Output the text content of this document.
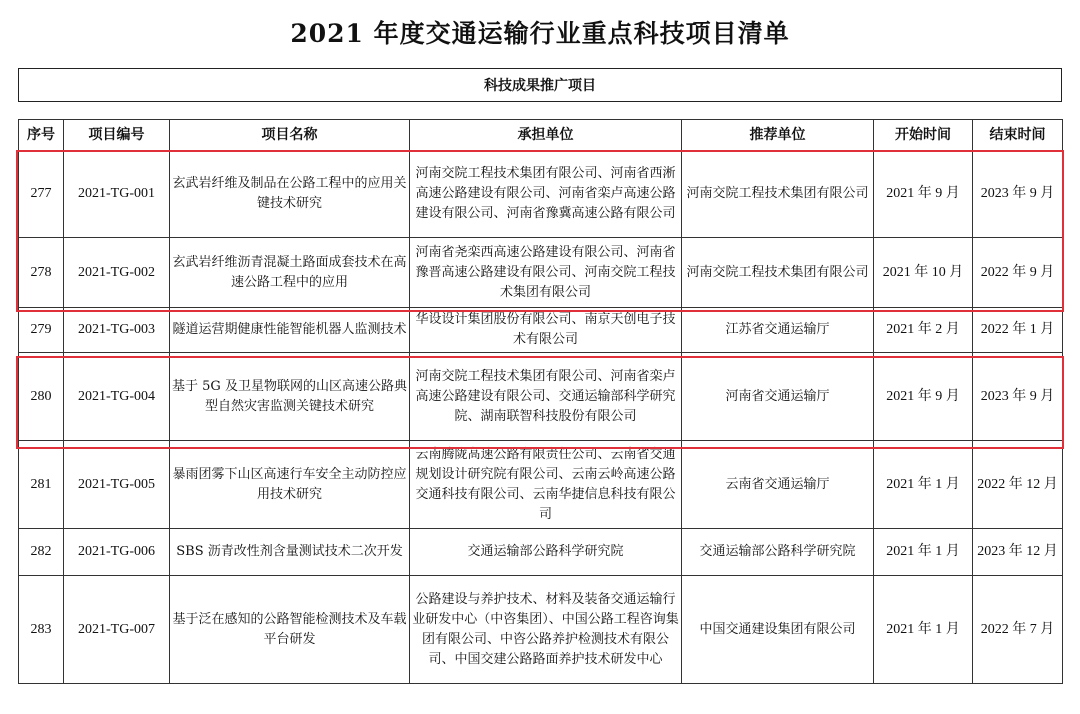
2021 年度交通运输行业重点科技项目清单
科技成果推广项目
序号	项目编号	项目名称	承担单位	推荐单位	开始时间	结束时间
277	2021-TG-001	玄武岩纤维及制品在公路工程中的应用关键技术研究	河南交院工程技术集团有限公司、河南省西淅高速公路建设有限公司、河南省栾卢高速公路建设有限公司、河南省豫冀高速公路有限公司	河南交院工程技术集团有限公司	2021 年 9 月	2023 年 9 月
278	2021-TG-002	玄武岩纤维沥青混凝土路面成套技术在高速公路工程中的应用	河南省尧栾西高速公路建设有限公司、河南省豫晋高速公路建设有限公司、河南交院工程技术集团有限公司	河南交院工程技术集团有限公司	2021 年 10 月	2022 年 9 月
279	2021-TG-003	隧道运营期健康性能智能机器人监测技术	华设设计集团股份有限公司、南京天创电子技术有限公司	江苏省交通运输厅	2021 年 2 月	2022 年 1 月
280	2021-TG-004	基于 5G 及卫星物联网的山区高速公路典型自然灾害监测关键技术研究	河南交院工程技术集团有限公司、河南省栾卢高速公路建设有限公司、交通运输部科学研究院、湖南联智科技股份有限公司	河南省交通运输厅	2021 年 9 月	2023 年 9 月
281	2021-TG-005	暴雨团雾下山区高速行车安全主动防控应用技术研究	云南腾陇高速公路有限责任公司、云南省交通规划设计研究院有限公司、云南云岭高速公路交通科技有限公司、云南华捷信息科技有限公司	云南省交通运输厅	2021 年 1 月	2022 年 12 月
282	2021-TG-006	SBS 沥青改性剂含量测试技术二次开发	交通运输部公路科学研究院	交通运输部公路科学研究院	2021 年 1 月	2023 年 12 月
283	2021-TG-007	基于泛在感知的公路智能检测技术及车载平台研发	公路建设与养护技术、材料及装备交通运输行业研发中心（中咨集团）、中国公路工程咨询集团有限公司、中咨公路养护检测技术有限公司、中国交建公路路面养护技术研发中心	中国交通建设集团有限公司	2021 年 1 月	2022 年 7 月
